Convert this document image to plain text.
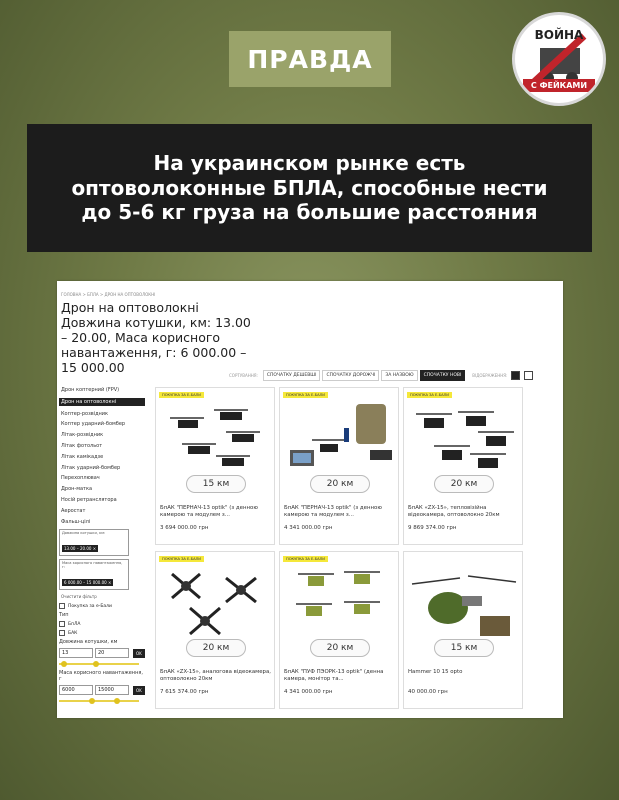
ПРАВДА
ВОЙНА
С ФЕЙКАМИ
На украинском рынке есть оптоволоконные БПЛА, способные нести до 5-6 кг груза на большие расстояния
ГОЛОВНА > БПЛА > ДРОН НА ОПТОВОЛОКНІ
Дрон на оптоволокні Довжина котушки, км: 13.00 – 20.00, Маса корисного навантаження, г: 6 000.00 – 15 000.00
СОРТУВАННЯ:	СПОЧАТКУ ДЕШЕВШІ	СПОЧАТКУ ДОРОЖЧІ	ЗА НАЗВОЮ	СПОЧАТКУ НОВІ	ВІДОБРАЖЕННЯ:
Дрон коптерний (FPV)
Дрон на оптоволокні
Коптер-розвідник
Коптер ударний-бомбер
Літак-розвідник
Літак фотольот
Літак камікадзе
Літак ударний-бомбер
Перехоплювач
Дрон-матка
Носій ретранслятора
Аеростат
Фальш-цілі
Довжина котушки, км:
13.00 – 20.00 ×
Маса корисного навантаження, г:
6 000.00 – 15 000.00 ×
Очистити фільтр
Покупка за е-Бали
Тип
БпЛА
БАК
Довжина котушки, км
13	20	OK
Маса корисного навантаження, г
6000	15000	OK
ПОКУПКА ЗА Е-БАЛИ
15 км
БпАК "ПЕРНАЧ-13 optik" (з денною камерою та модулем з...
3 694 000.00 грн
ПОКУПКА ЗА Е-БАЛИ
20 км
БпАК "ПЕРНАЧ-13 optik" (з денною камерою та модулем з...
4 341 000.00 грн
ПОКУПКА ЗА Е-БАЛИ
20 км
БпАК «ZX-15», тепловізійна відеокамера, оптоволокно 20км
9 869 374.00 грн
ПОКУПКА ЗА Е-БАЛИ
20 км
БпАК «ZX-15», аналогова відеокамера, оптоволокно 20км
7 615 374.00 грн
ПОКУПКА ЗА Е-БАЛИ
20 км
БпАК "ПУФ ПЭОРК-13 optik" (денна камера, монітор та...
4 341 000.00 грн
15 км
Hammer 10 15 opto
40 000.00 грн
